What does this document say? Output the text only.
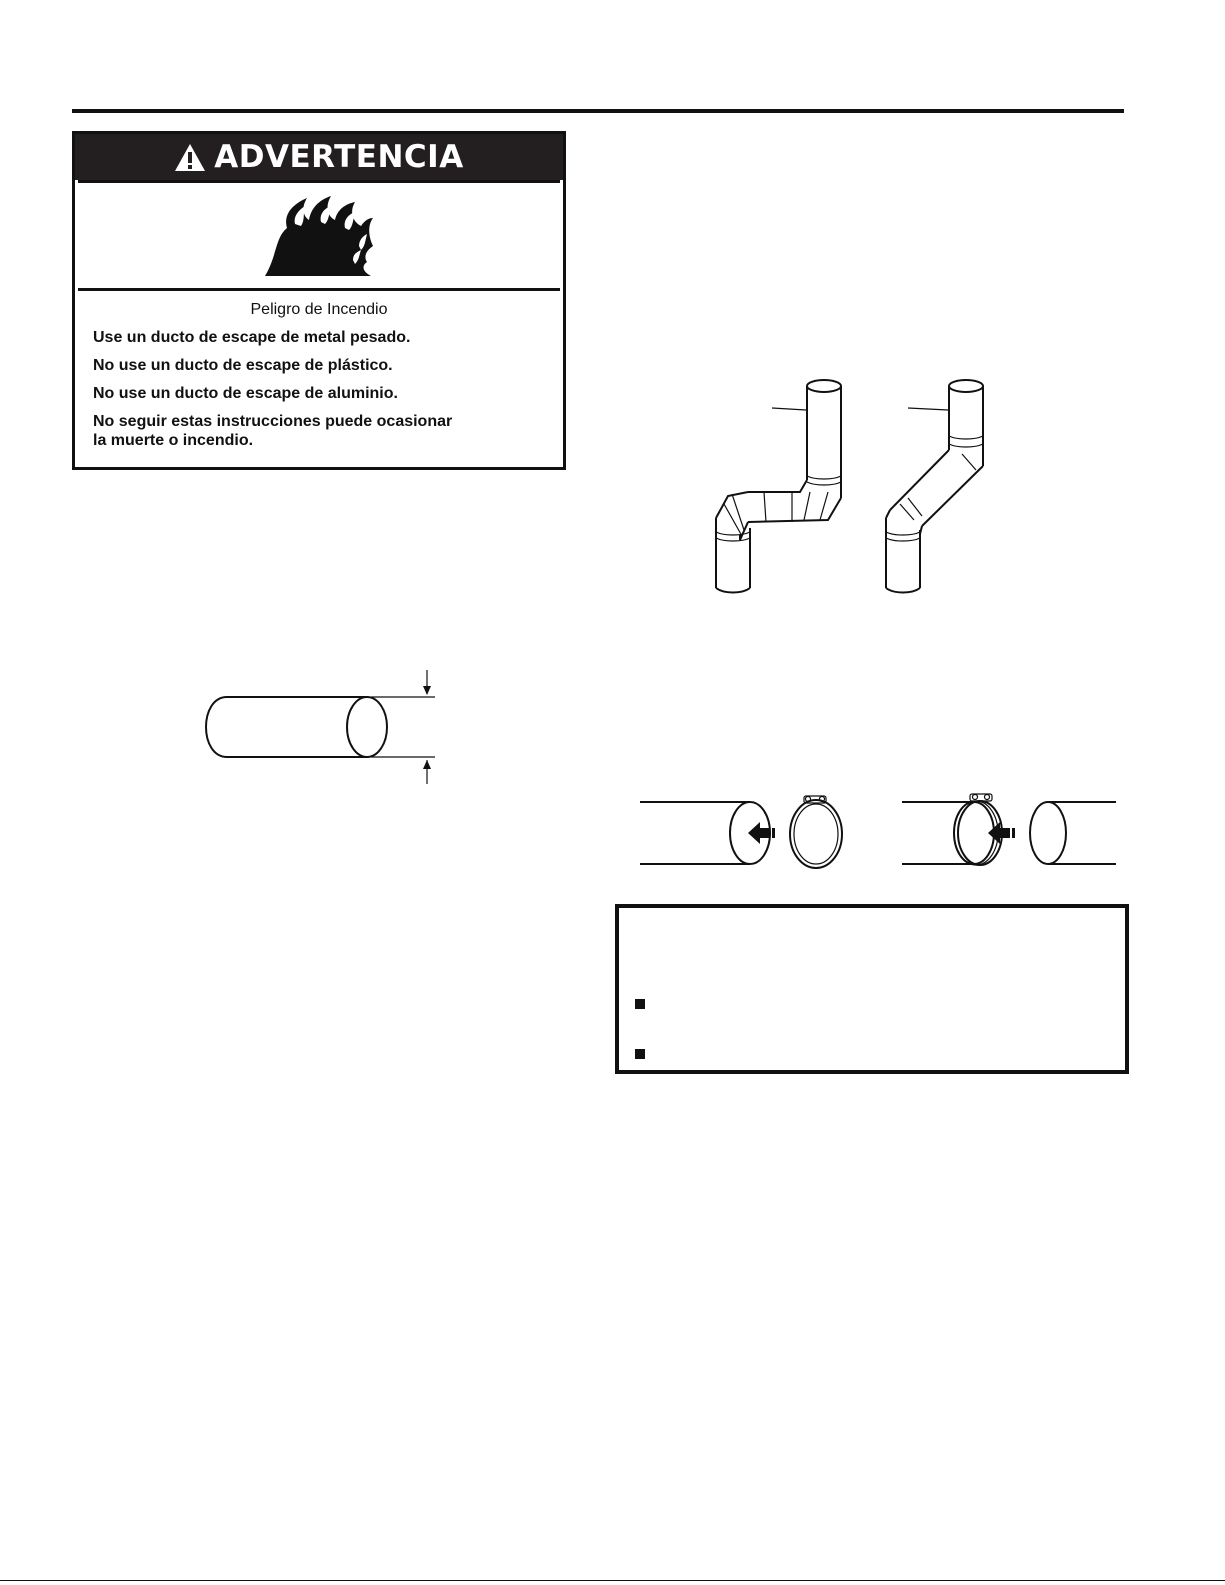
ADVERTENCIA

Peligro de Incendio

Use un ducto de escape de metal pesado.

No use un ducto de escape de plástico.

No use un ducto de escape de aluminio.

No seguir estas instrucciones puede ocasionar
la muerte o incendio.
